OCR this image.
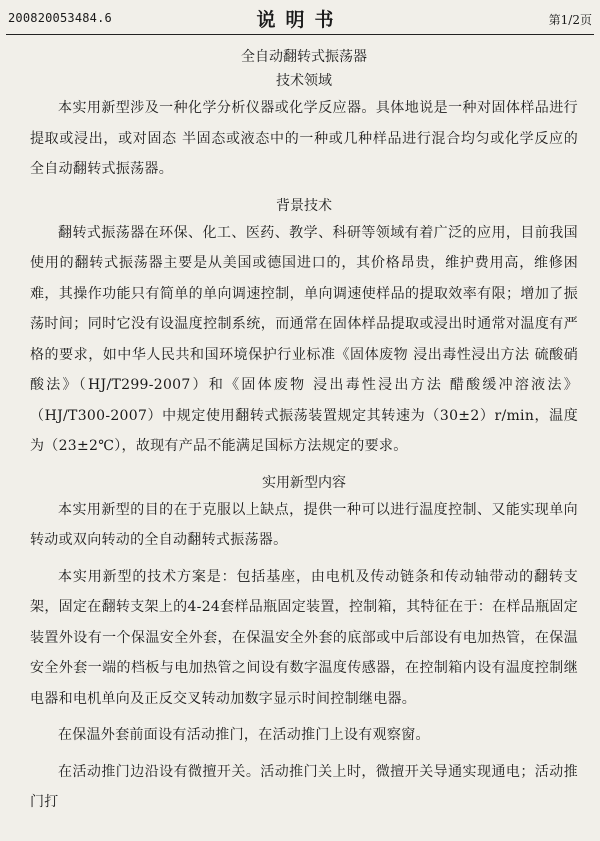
200820053484.6	说明书	第1/2页

全自动翻转式振荡器

技术领域

本实用新型涉及一种化学分析仪器或化学反应器。具体地说是一种对固体样品进行提取或浸出，或对固态 半固态或液态中的一种或几种样品进行混合均匀或化学反应的全自动翻转式振荡器。

背景技术

翻转式振荡器在环保、化工、医药、教学、科研等领域有着广泛的应用，目前我国使用的翻转式振荡器主要是从美国或德国进口的，其价格昂贵，维护费用高，维修困难，其操作功能只有简单的单向调速控制，单向调速使样品的提取效率有限；增加了振荡时间；同时它没有设温度控制系统，而通常在固体样品提取或浸出时通常对温度有严格的要求，如中华人民共和国环境保护行业标准《固体废物 浸出毒性浸出方法 硫酸硝酸法》（HJ/T299-2007）和《固体废物 浸出毒性浸出方法 醋酸缓冲溶液法》（HJ/T300-2007）中规定使用翻转式振荡装置规定其转速为（30±2）r/min，温度为（23±2℃），故现有产品不能满足国标方法规定的要求。

实用新型内容

本实用新型的目的在于克服以上缺点，提供一种可以进行温度控制、又能实现单向转动或双向转动的全自动翻转式振荡器。

本实用新型的技术方案是：包括基座，由电机及传动链条和传动轴带动的翻转支架，固定在翻转支架上的4-24套样品瓶固定装置，控制箱，其特征在于：在样品瓶固定装置外设有一个保温安全外套，在保温安全外套的底部或中后部设有电加热管，在保温安全外套一端的档板与电加热管之间设有数字温度传感器，在控制箱内设有温度控制继电器和电机单向及正反交叉转动加数字显示时间控制继电器。

在保温外套前面设有活动推门，在活动推门上设有观察窗。

在活动推门边沿设有微擅开关。活动推门关上时，微擅开关导通实现通电；活动推门打
